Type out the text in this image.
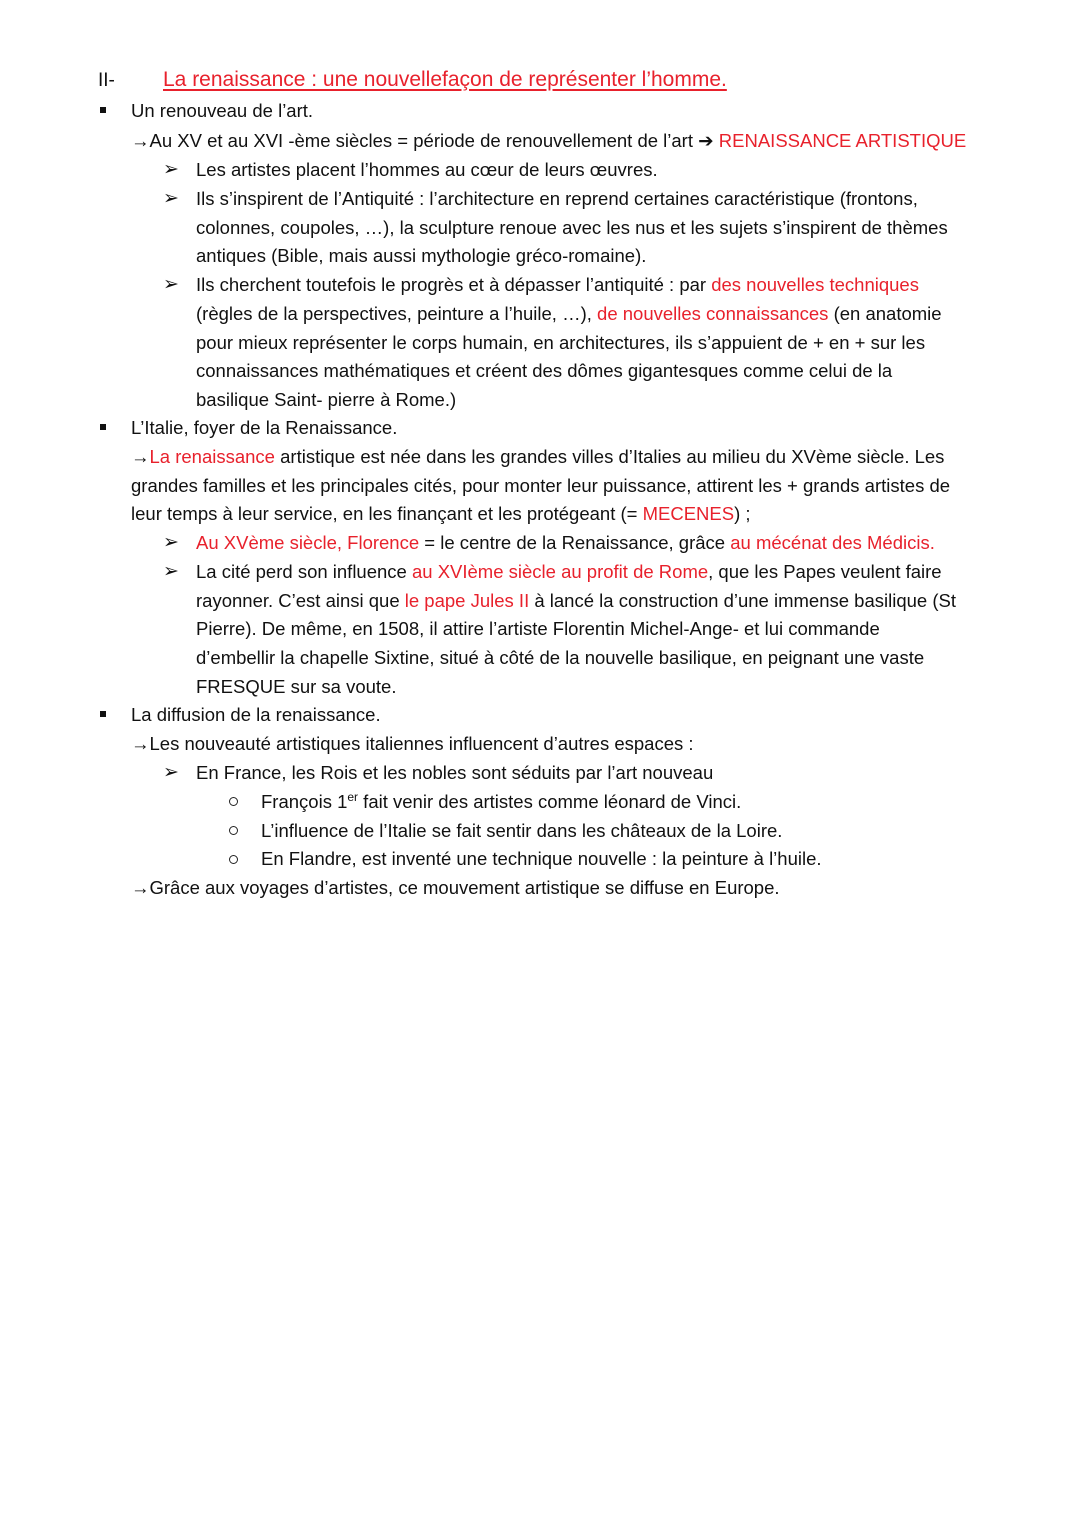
II- La renaissance : une nouvellefaçon de représenter l’homme.
Un renouveau de l’art.
→Au XV et au XVI -ème siècles = période de renouvellement de l’art ➔ RENAISSANCE ARTISTIQUE
➢ Les artistes placent l’hommes au cœur de leurs œuvres.
➢ Ils s’inspirent de l’Antiquité : l’architecture en reprend certaines caractéristique (frontons,
colonnes, coupoles, …), la sculpture renoue avec les nus et les sujets s’inspirent de thèmes
antiques (Bible, mais aussi mythologie gréco-romaine).
➢ Ils cherchent toutefois le progrès et à dépasser l’antiquité : par des nouvelles techniques
(règles de la perspectives, peinture a l’huile, …), de nouvelles connaissances (en anatomie
pour mieux représenter le corps humain, en architectures, ils s’appuient de + en + sur les
connaissances mathématiques et créent des dômes gigantesques comme celui de la
basilique Saint- pierre à Rome.)
L’Italie, foyer de la Renaissance.
→La renaissance artistique est née dans les grandes villes d’Italies au milieu du XVème siècle. Les
grandes familles et les principales cités, pour monter leur puissance, attirent les + grands artistes de
leur temps à leur service, en les finançant et les protégeant (= MECENES) ;
➢ Au XVème siècle, Florence = le centre de la Renaissance, grâce au mécénat des Médicis.
➢ La cité perd son influence au XVIème siècle au profit de Rome, que les Papes veulent faire
rayonner. C’est ainsi que le pape Jules II à lancé la construction d’une immense basilique (St
Pierre). De même, en 1508, il attire l’artiste Florentin Michel-Ange- et lui commande
d’embellir la chapelle Sixtine, situé à côté de la nouvelle basilique, en peignant une vaste
FRESQUE sur sa voute.
La diffusion de la renaissance.
→Les nouveauté artistiques italiennes influencent d’autres espaces :
➢ En France, les Rois et les nobles sont séduits par l’art nouveau
François 1er fait venir des artistes comme léonard de Vinci.
L’influence de l’Italie se fait sentir dans les châteaux de la Loire.
En Flandre, est inventé une technique nouvelle : la peinture à l’huile.
→Grâce aux voyages d’artistes, ce mouvement artistique se diffuse en Europe.
